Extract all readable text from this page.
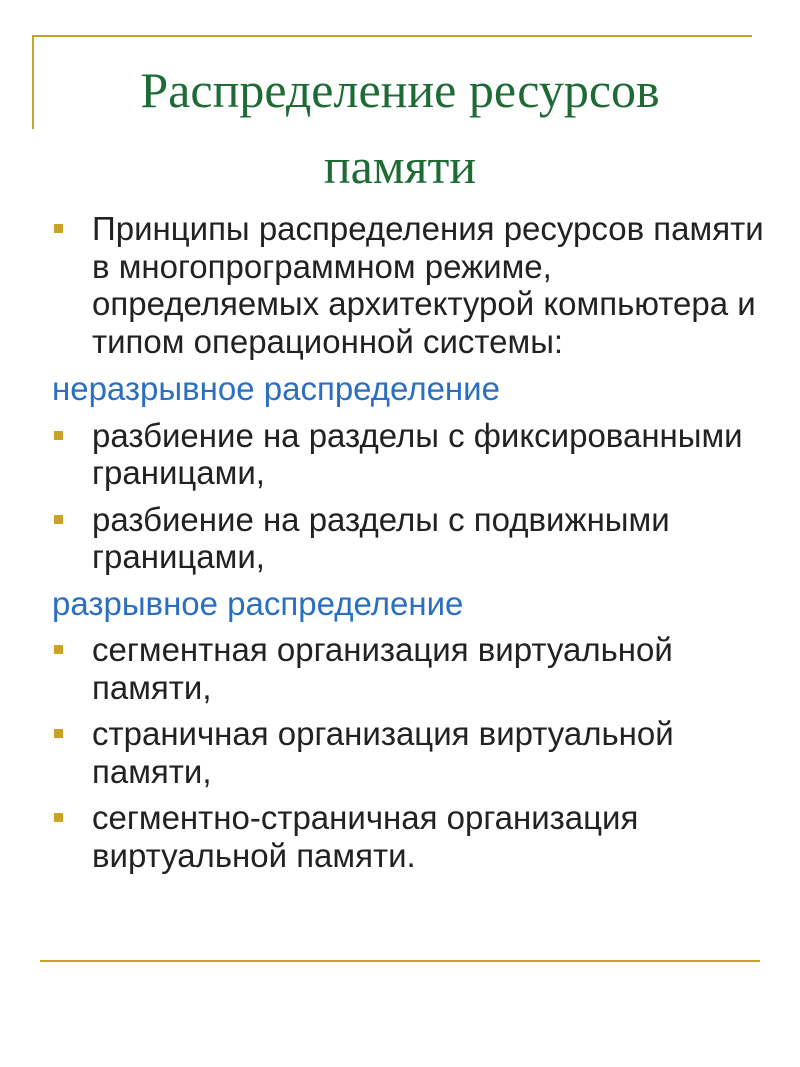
Распределение ресурсов
памяти
Принципы распределения ресурсов памяти в многопрограммном режиме, определяемых архитектурой компьютера и типом операционной системы:
неразрывное распределение
разбиение на разделы с фиксированными границами,
разбиение на разделы с подвижными границами,
разрывное распределение
сегментная организация виртуальной памяти,
страничная организация виртуальной памяти,
сегментно-страничная организация виртуальной памяти.
